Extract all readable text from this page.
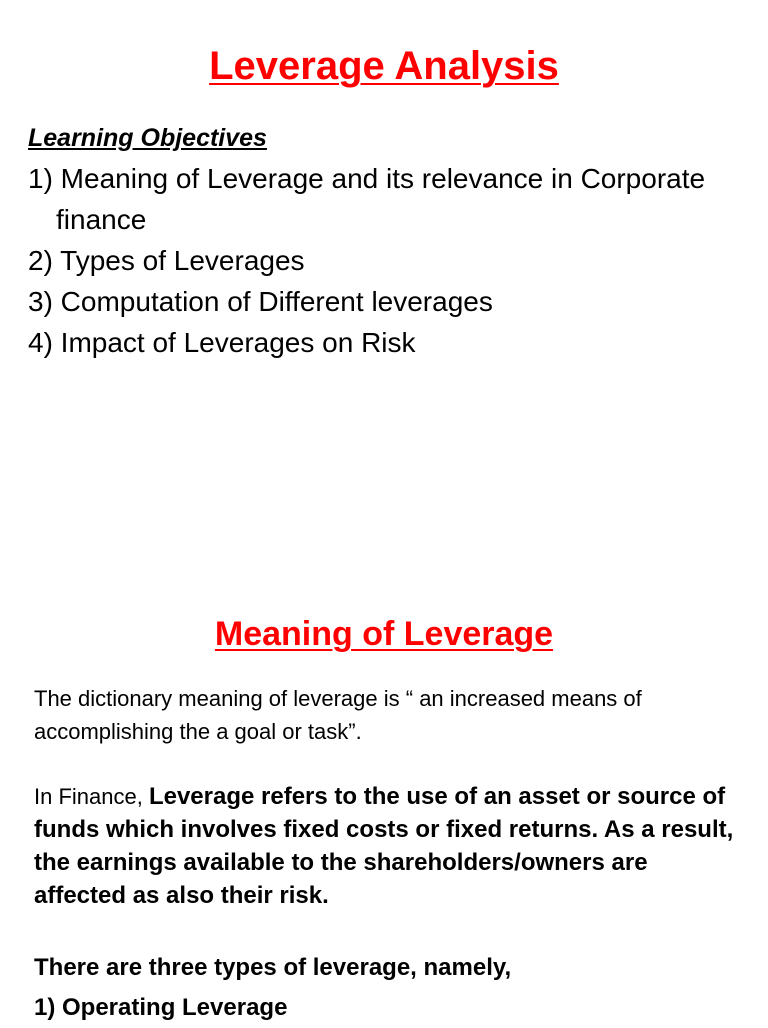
Leverage Analysis

Learning Objectives

1) Meaning of Leverage and its relevance in Corporate finance
2) Types of Leverages
3) Computation of Different leverages
4) Impact of Leverages on Risk
Meaning of Leverage

The dictionary meaning of leverage is “ an increased means of accomplishing the a goal or task”.

In Finance, Leverage refers to the use of an asset or source of funds which involves fixed costs or fixed returns. As a result, the earnings available to the shareholders/owners are affected as also their risk.

There are three types of leverage, namely,
1) Operating Leverage
